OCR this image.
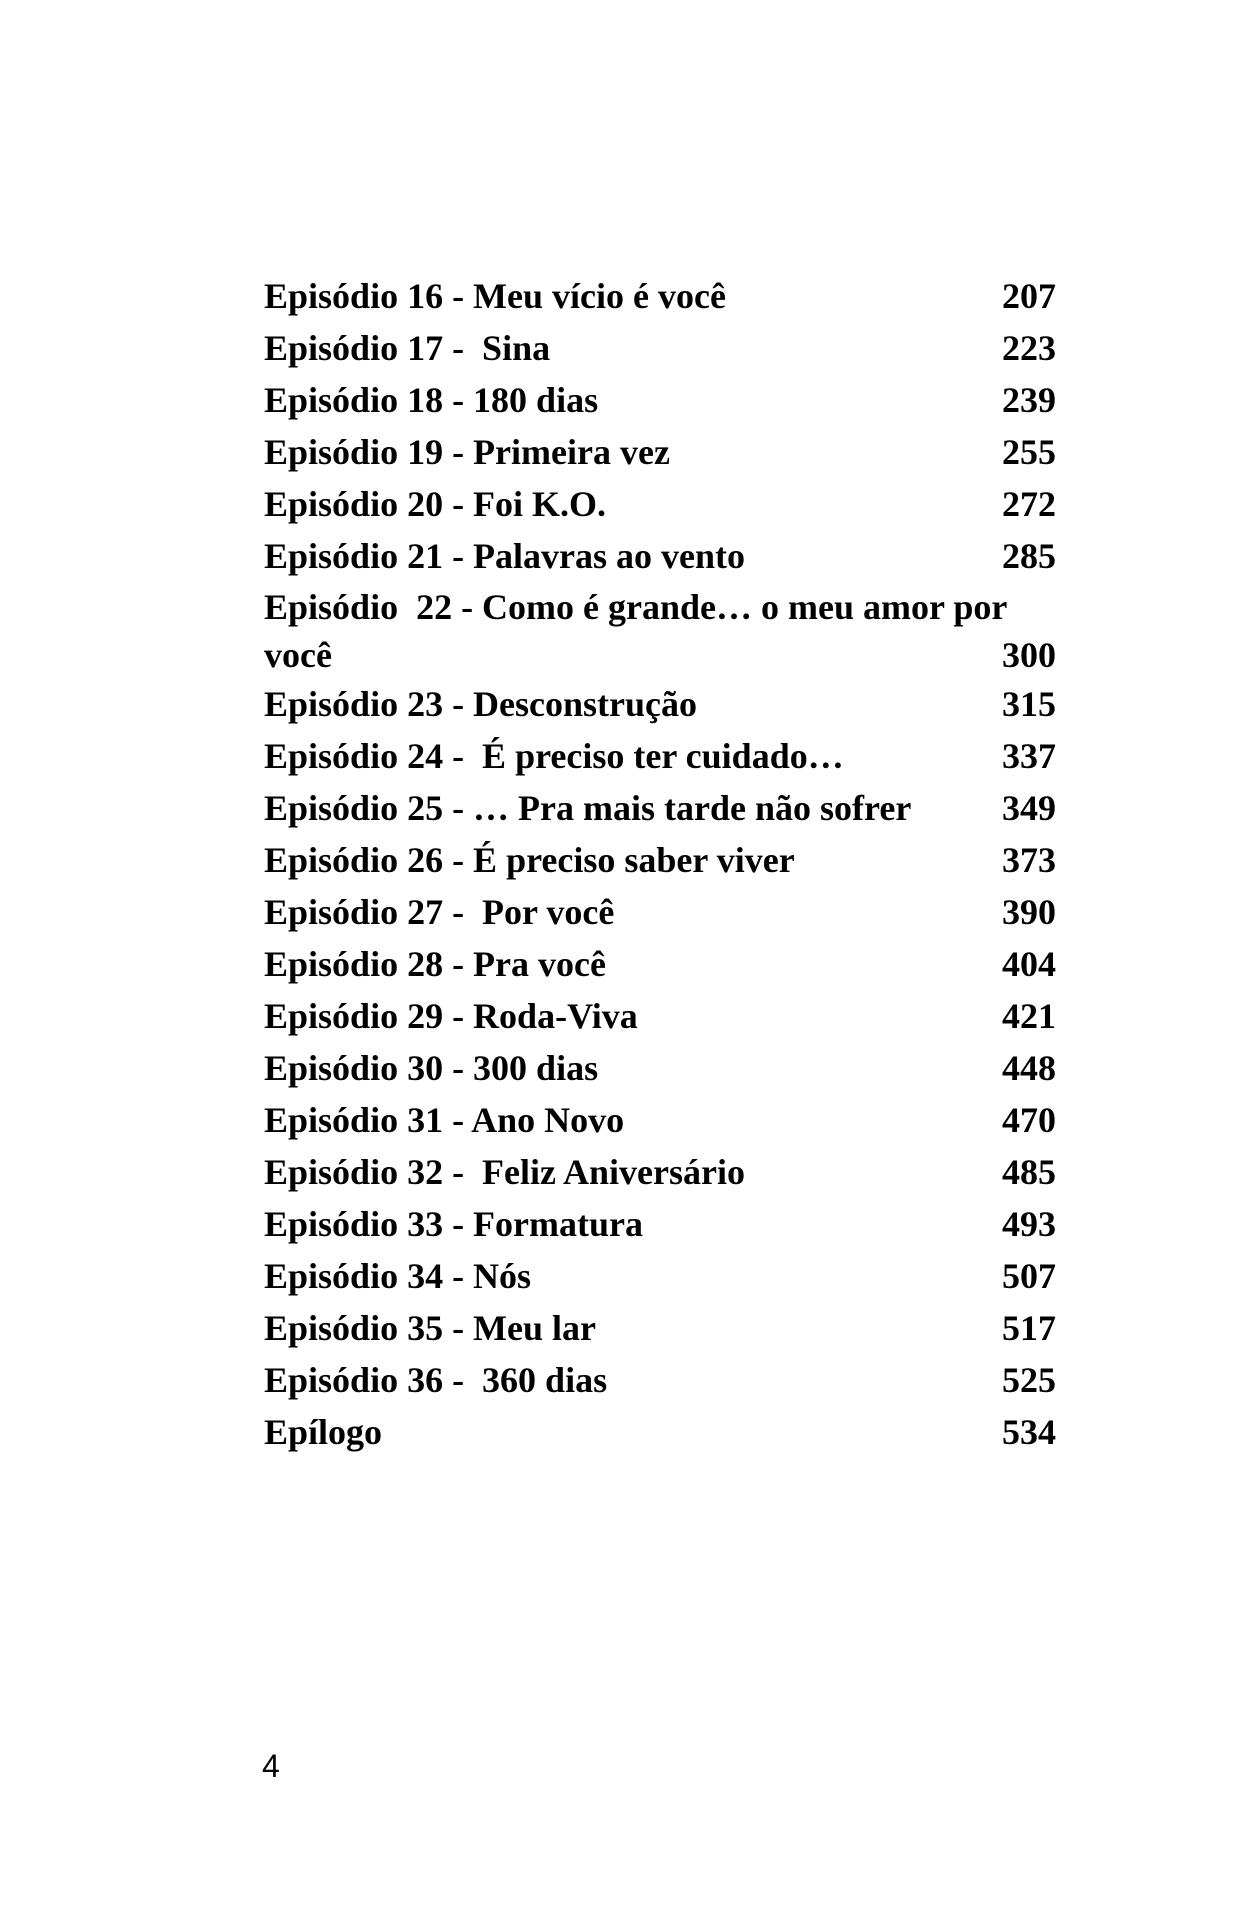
Episódio 16 - Meu vício é você	207
Episódio 17 -  Sina	223
Episódio 18 - 180 dias	239
Episódio 19 - Primeira vez	255
Episódio 20 - Foi K.O.	272
Episódio 21 - Palavras ao vento	285
Episódio  22 - Como é grande… o meu amor por
você	300
Episódio 23 - Desconstrução	315
Episódio 24 -  É preciso ter cuidado…	337
Episódio 25 - … Pra mais tarde não sofrer	349
Episódio 26 - É preciso saber viver	373
Episódio 27 -  Por você	390
Episódio 28 - Pra você	404
Episódio 29 - Roda-Viva	421
Episódio 30 - 300 dias	448
Episódio 31 - Ano Novo	470
Episódio 32 -  Feliz Aniversário	485
Episódio 33 - Formatura	493
Episódio 34 - Nós	507
Episódio 35 - Meu lar	517
Episódio 36 -  360 dias	525
Epílogo	534
4
